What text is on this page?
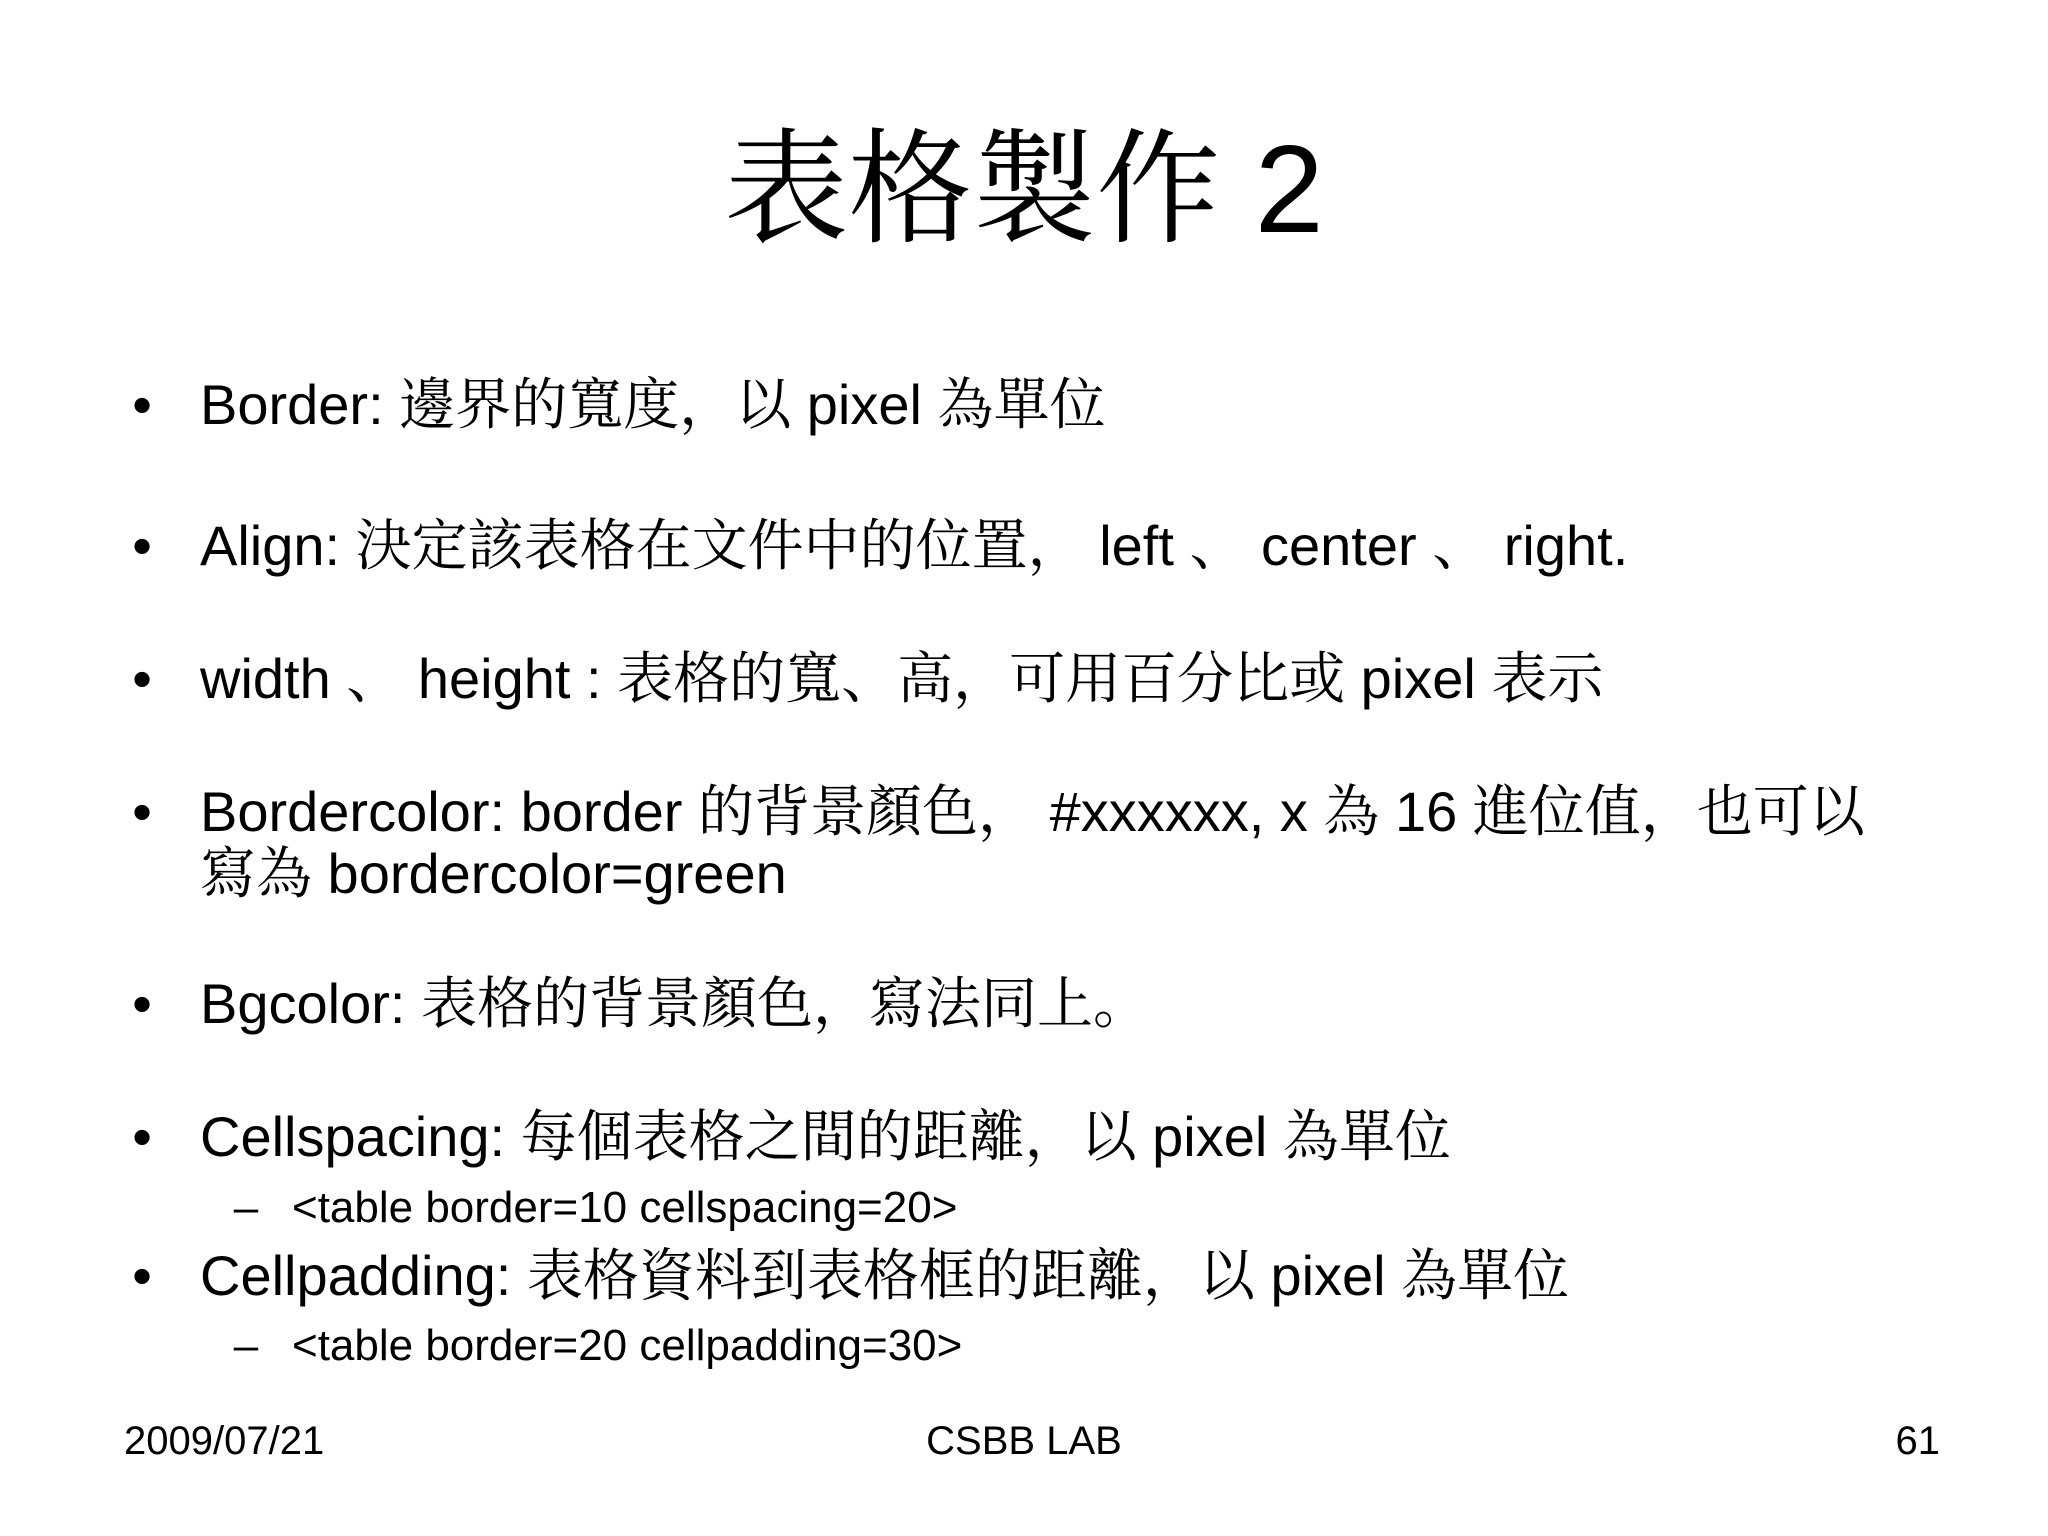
表格製作 2
• Border: 邊界的寬度，以 pixel 為單位
• Align: 決定該表格在文件中的位置， left 、 center 、 right.
• width 、 height : 表格的寬、高，可用百分比或 pixel 表示
• Bordercolor: border 的背景顏色， #xxxxxx, x 為 16 進位值，也可以
寫為 bordercolor=green
• Bgcolor: 表格的背景顏色，寫法同上。
• Cellspacing: 每個表格之間的距離，以 pixel 為單位
– <table border=10 cellspacing=20>
• Cellpadding: 表格資料到表格框的距離，以 pixel 為單位
– <table border=20 cellpadding=30>
2009/07/21	CSBB LAB	61
